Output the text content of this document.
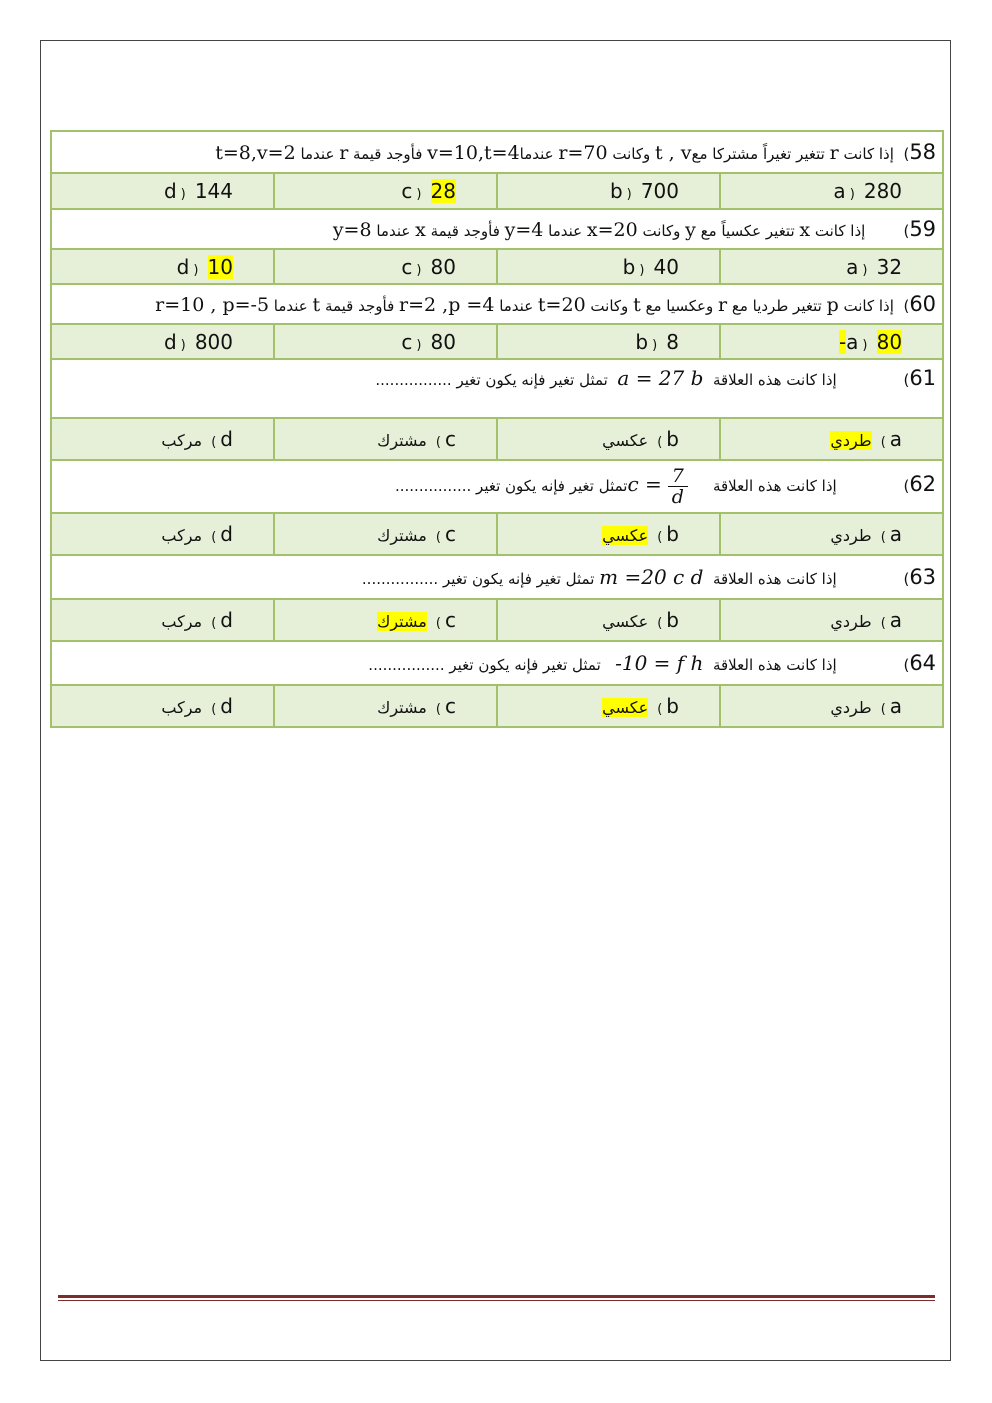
58)  إذا كانت r تتغير تغيراً مشتركا معt , v وكانت r=70 عندماv=10,t=4 فأوجد قيمة r عندما t=8,v=2			
d ) 144	c ) 28	b ) 700	a ) 280
59)        إذا كانت x تتغير عكسياً مع y وكانت x=20 عندما y=4 فأوجد قيمة x عندما y=8			
d ) 10	c ) 80	b ) 40	a ) 32
60)  إذا كانت p تتغير طرديا مع r وعكسيا مع t وكانت t=20 عندما r=2 ,p =4 فأوجد قيمة t عندما r=10 , p=-5			
d ) 800	c ) 80	b ) 8	a ) 80-
61)              إذا كانت هذه العلاقة  a = 27 b  تمثل تغير فإنه يكون تغير ................			
d) مركب	c) مشترك	b) عكسي	a) طردي
62)              إذا كانت هذه العلاقة    $c = \frac{7}{d}$
تمثل تغير فإنه يكون تغير ................			
d) مركب	c) مشترك	b) عكسي	a) طردي
63)              إذا كانت هذه العلاقة  m =20 c d تمثل تغير فإنه يكون تغير ................			
d) مركب	c) مشترك	b) عكسي	a) طردي
64)              إذا كانت هذه العلاقة  -10 = f h   تمثل تغير فإنه يكون تغير ................			
d) مركب	c) مشترك	b) عكسي	a) طردي
